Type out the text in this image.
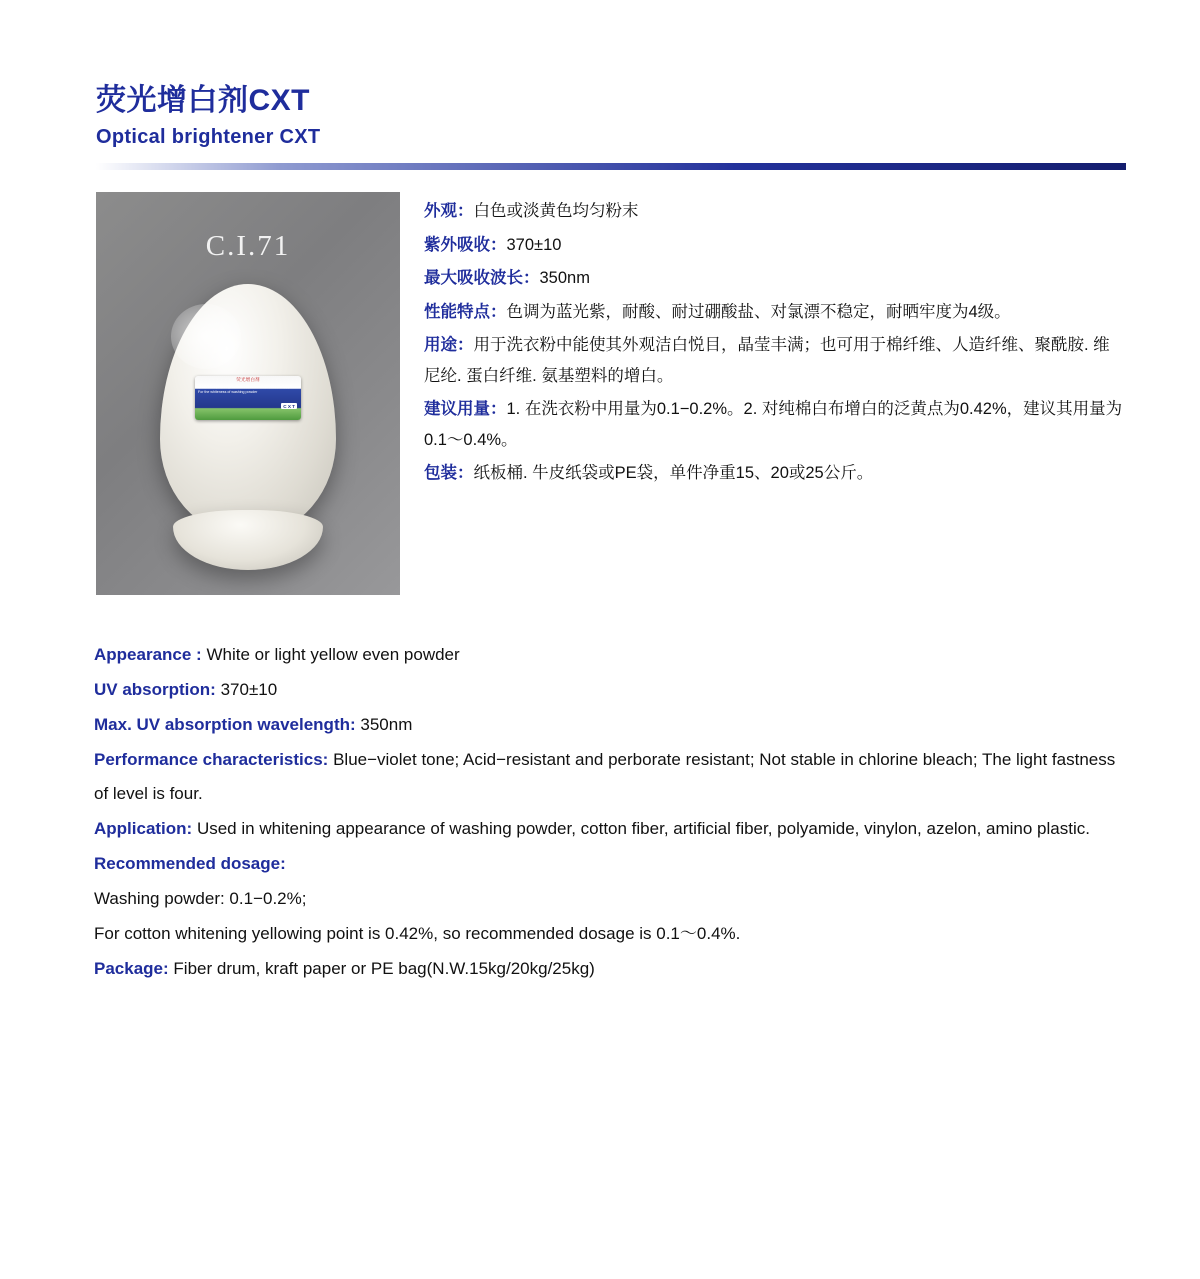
荧光增白剂CXT
Optical brightener CXT
C.I.71
荧光增白剂
本品适用于洗涤剂增白 适用于棉、毛、丝等纤维织物的增白 For the whiteness of washing powder
C X T
外观：白色或淡黄色均匀粉末
紫外吸收：370±10
最大吸收波长：350nm
性能特点：色调为蓝光紫，耐酸、耐过硼酸盐、对氯漂不稳定，耐晒牢度为4级。
用途：用于洗衣粉中能使其外观洁白悦目，晶莹丰满；也可用于棉纤维、人造纤维、聚酰胺. 维尼纶. 蛋白纤维. 氨基塑料的增白。
建议用量：1. 在洗衣粉中用量为0.1−0.2%。2. 对纯棉白布增白的泛黄点为0.42%，建议其用量为0.1～0.4%。
包装：纸板桶. 牛皮纸袋或PE袋，单件净重15、20或25公斤。
Appearance : White or light yellow even powder
UV absorption: 370±10
Max. UV absorption wavelength: 350nm
Performance characteristics: Blue−violet tone; Acid−resistant and perborate resistant; Not stable in chlorine bleach; The light fastness of level is four.
Application: Used in whitening appearance of washing powder, cotton fiber, artificial fiber, polyamide, vinylon, azelon, amino plastic.
Recommended dosage:
Washing powder: 0.1−0.2%;
For cotton whitening yellowing point is 0.42%, so recommended dosage is 0.1～0.4%.
Package: Fiber drum, kraft paper or PE bag(N.W.15kg/20kg/25kg)
